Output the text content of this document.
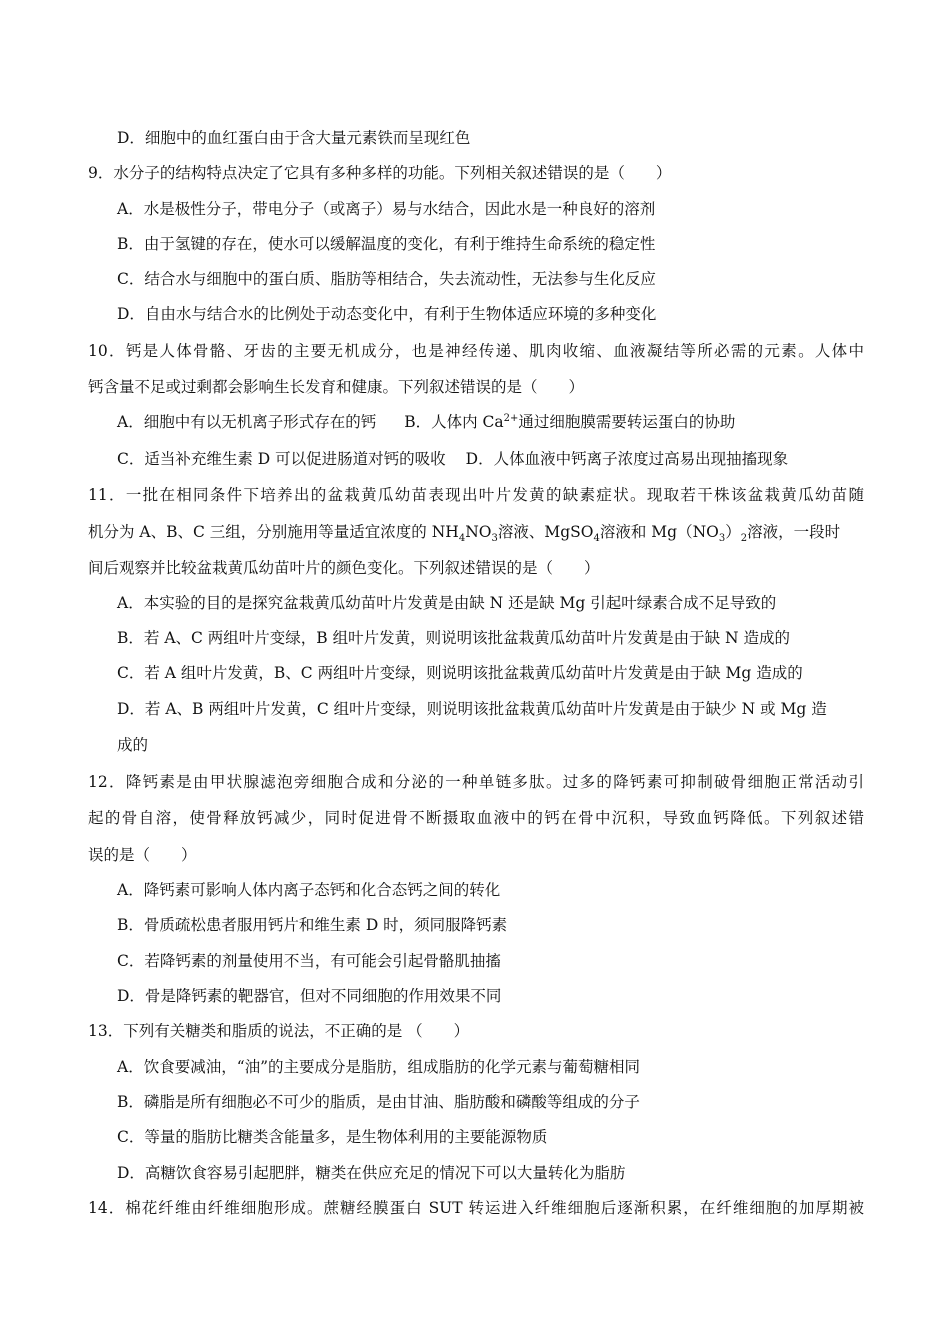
D．细胞中的血红蛋白由于含大量元素铁而呈现红色
9．水分子的结构特点决定了它具有多种多样的功能。下列相关叙述错误的是（　　）
A．水是极性分子，带电分子（或离子）易与水结合，因此水是一种良好的溶剂
B．由于氢键的存在，使水可以缓解温度的变化，有利于维持生命系统的稳定性
C．结合水与细胞中的蛋白质、脂肪等相结合，失去流动性，无法参与生化反应
D．自由水与结合水的比例处于动态变化中，有利于生物体适应环境的多种变化
10．钙是人体骨骼、牙齿的主要无机成分，也是神经传递、肌肉收缩、血液凝结等所必需的元素。人体中
钙含量不足或过剩都会影响生长发育和健康。下列叙述错误的是（　　）
A．细胞中有以无机离子形式存在的钙 B．人体内 $Ca^{2+}$通过细胞膜需要转运蛋白的协助
C．适当补充维生素 D 可以促进肠道对钙的吸收 D．人体血液中钙离子浓度过高易出现抽搐现象
11．一批在相同条件下培养出的盆栽黄瓜幼苗表现出叶片发黄的缺素症状。现取若干株该盆栽黄瓜幼苗随
机分为 A、B、C 三组，分别施用等量适宜浓度的 $NH_4NO_3$溶液、MgSO$_4$溶液和 $Mg(NO_3)_2$溶液，一段时
间后观察并比较盆栽黄瓜幼苗叶片的颜色变化。下列叙述错误的是（　　）
A．本实验的目的是探究盆栽黄瓜幼苗叶片发黄是由缺 N 还是缺 Mg 引起叶绿素合成不足导致的
B．若 A、C 两组叶片变绿，B 组叶片发黄，则说明该批盆栽黄瓜幼苗叶片发黄是由于缺 N 造成的
C．若 A 组叶片发黄，B、C 两组叶片变绿，则说明该批盆栽黄瓜幼苗叶片发黄是由于缺 Mg 造成的
D．若 A、B 两组叶片发黄，C 组叶片变绿，则说明该批盆栽黄瓜幼苗叶片发黄是由于缺少 N 或 Mg 造
成的
12．降钙素是由甲状腺滤泡旁细胞合成和分泌的一种单链多肽。过多的降钙素可抑制破骨细胞正常活动引
起的骨自溶，使骨释放钙减少，同时促进骨不断摄取血液中的钙在骨中沉积，导致血钙降低。下列叙述错
误的是（　　）
A．降钙素可影响人体内离子态钙和化合态钙之间的转化
B．骨质疏松患者服用钙片和维生素 D 时，须同服降钙素
C．若降钙素的剂量使用不当，有可能会引起骨骼肌抽搐
D．骨是降钙素的靶器官，但对不同细胞的作用效果不同
13．下列有关糖类和脂质的说法，不正确的是 （　　）
A．饮食要减油，“油”的主要成分是脂肪，组成脂肪的化学元素与葡萄糖相同
B．磷脂是所有细胞必不可少的脂质，是由甘油、脂肪酸和磷酸等组成的分子
C．等量的脂肪比糖类含能量多，是生物体利用的主要能源物质
D．高糖饮食容易引起肥胖，糖类在供应充足的情况下可以大量转化为脂肪
14．棉花纤维由纤维细胞形成。蔗糖经膜蛋白 SUT 转运进入纤维细胞后逐渐积累，在纤维细胞的加厚期被
